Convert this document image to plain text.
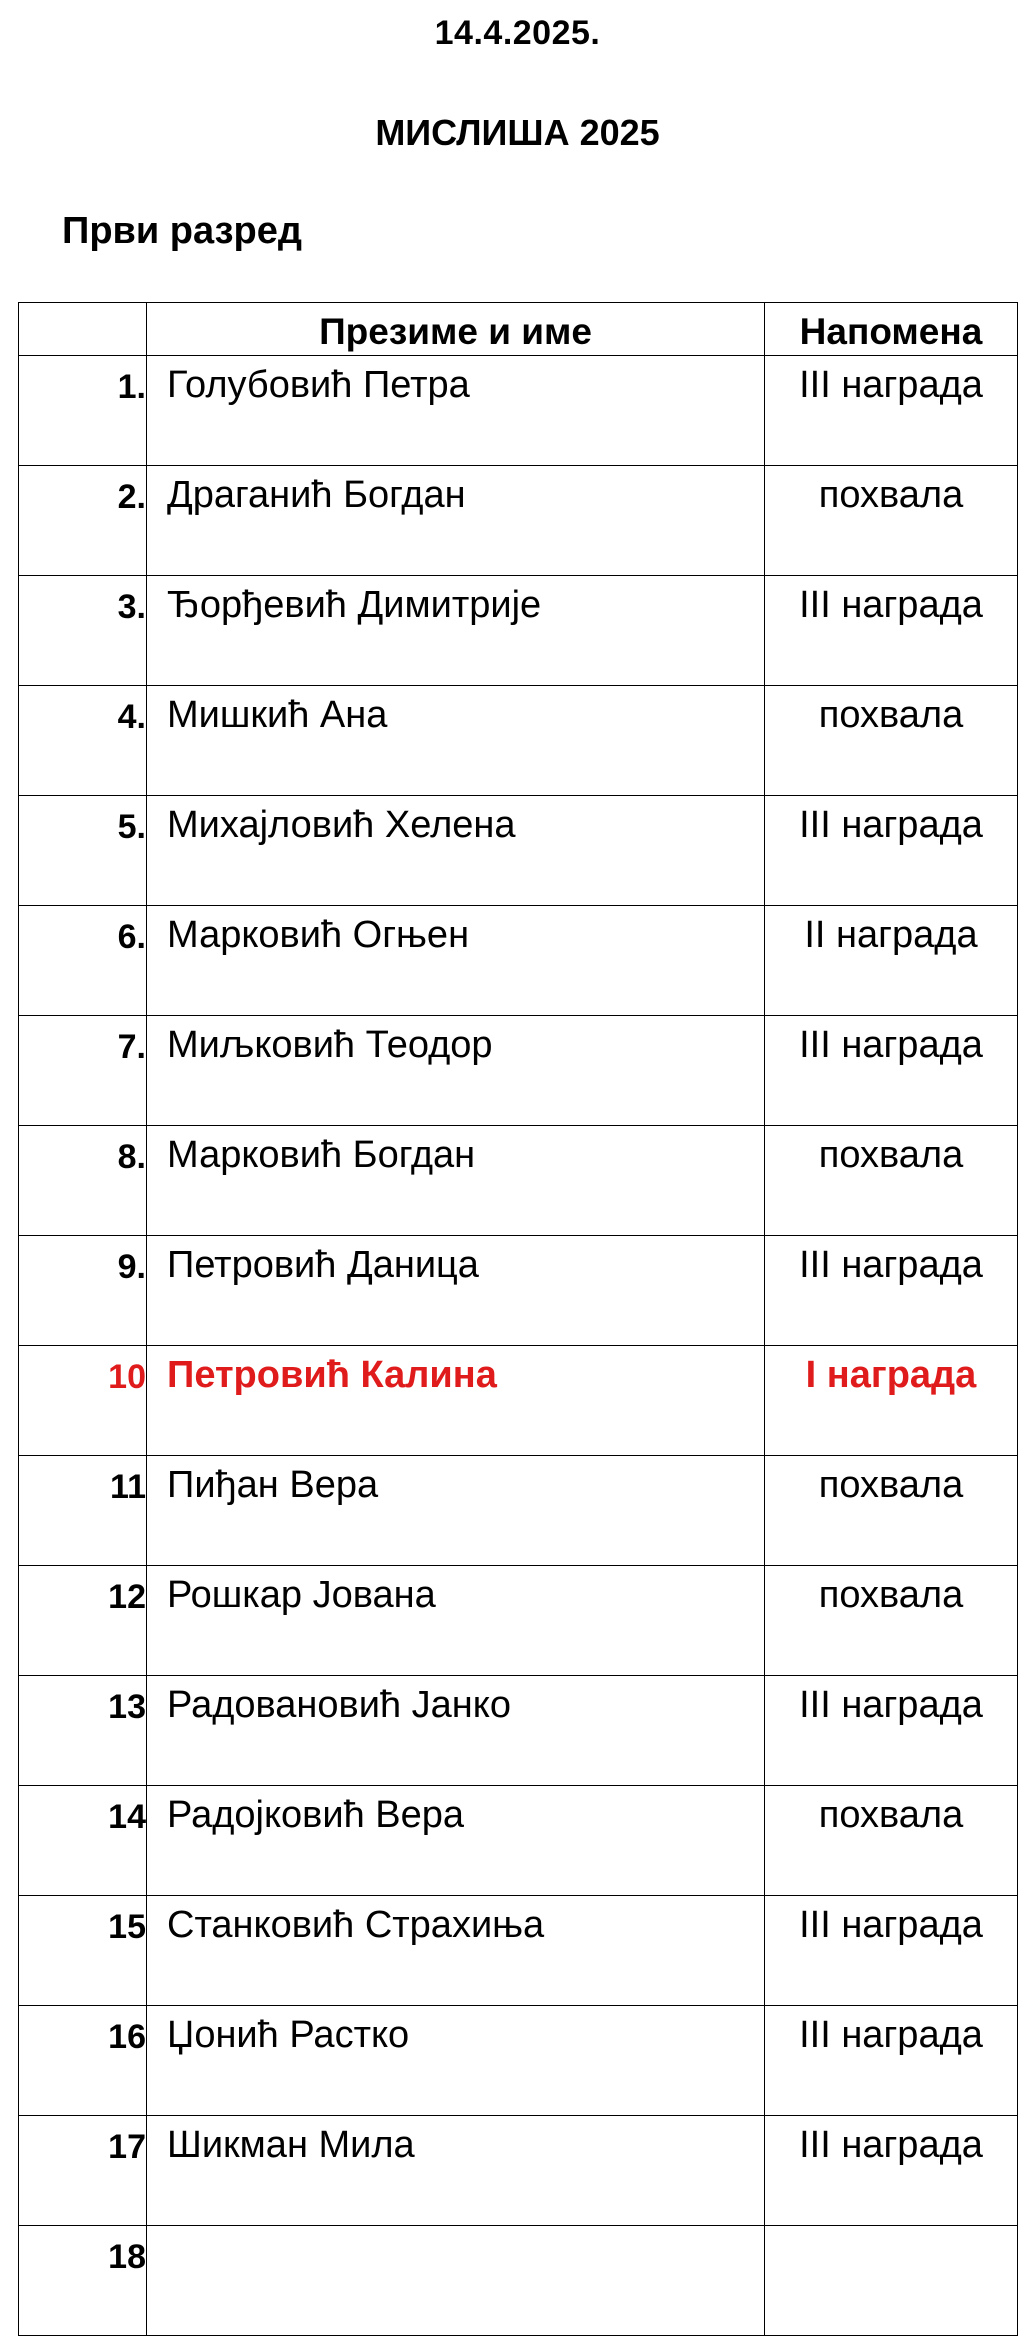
14.4.2025.
МИСЛИША 2025
Први разред
	Презиме и име	Напомена
1.	Голубовић Петра	III награда
2.	Драганић Богдан	похвала
3.	Ђорђевић Димитрије	III награда
4.	Мишкић Ана	похвала
5.	Михајловић Хелена	III награда
6.	Марковић Огњен	II награда
7.	Миљковић Теодор	III награда
8.	Марковић Богдан	похвала
9.	Петровић Даница	III награда
10	Петровић Калина	I награда
11	Пиђан Вера	похвала
12	Рошкар Јована	похвала
13	Радовановић Јанко	III награда
14	Радојковић Вера	похвала
15	Станковић Страхиња	III награда
16	Џонић Растко	III награда
17	Шикман Мила	III награда
18		
